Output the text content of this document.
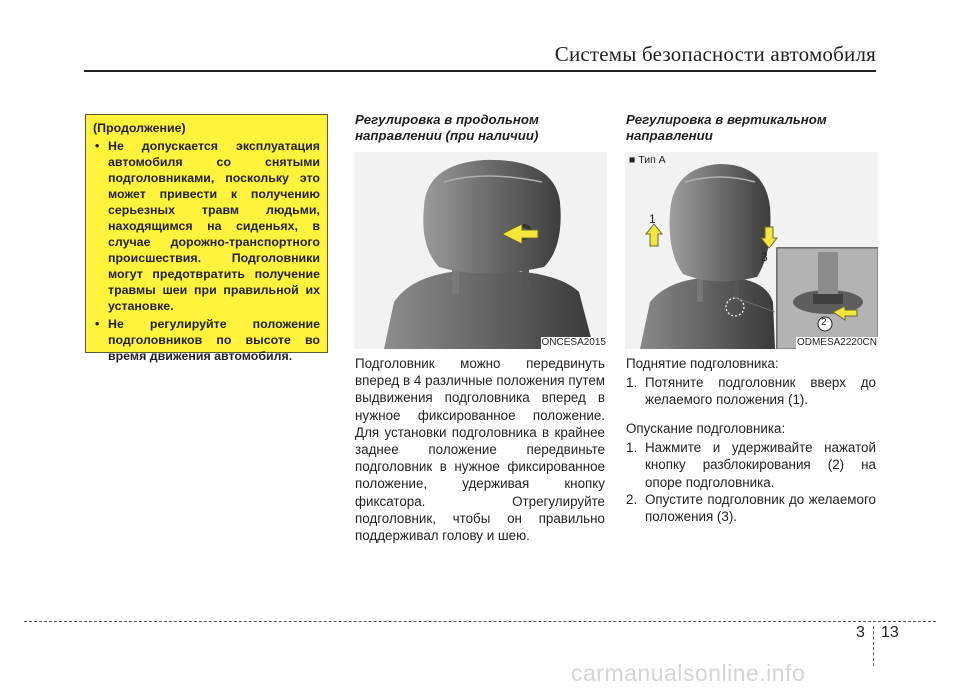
Системы безопасности автомобиля
(Продолжение)
• Не допускается эксплуатация автомобиля со снятыми подголовниками, поскольку это может привести к получению серьезных травм людьми, находящимся на сиденьях, в случае дорожно-транспортного происшествия. Подголовники могут предотвратить получение травмы шеи при правильной их установке.
• Не регулируйте положение подголовников по высоте во время движения автомобиля.
Регулировка в продольном направлении (при наличии)
Регулировка в вертикальном направлении
ONCESA2015
■ Тип A
1
2
3
ODMESA2220CN
Подголовник можно передвинуть вперед в 4 различные положения путем выдвижения подголовника вперед в нужное фиксированное положение. Для установки подголовника в крайнее заднее положение передвиньте подголовник в нужное фиксированное положение, удерживая кнопку фиксатора. Отрегулируйте подголовник, чтобы он правильно поддерживал голову и шею.
Поднятие подголовника:
1. Потяните подголовник вверх до желаемого положения (1).
Опускание подголовника:
1. Нажмите и удерживайте нажатой кнопку разблокирования (2) на опоре подголовника.
2. Опустите подголовник до желаемого положения (3).
3 13
carmanualsonline.info
